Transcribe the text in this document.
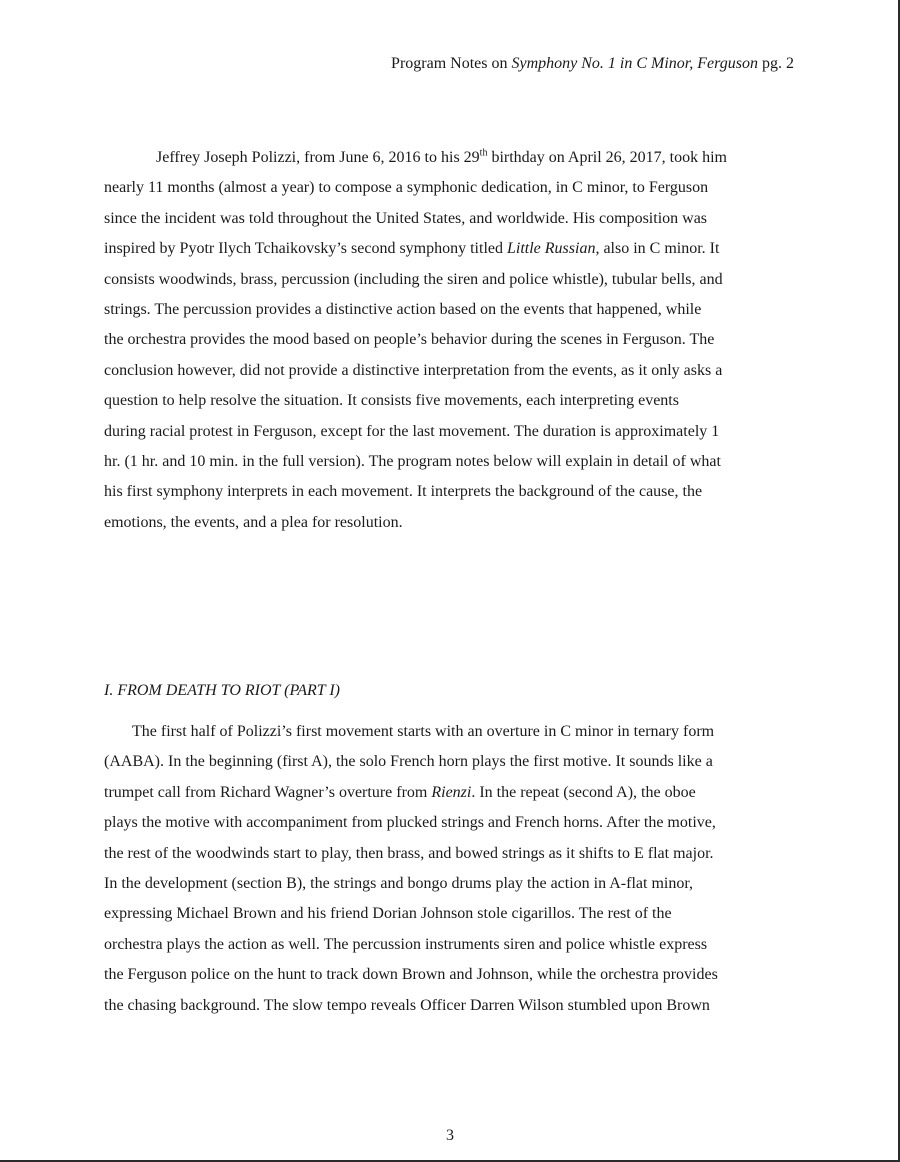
Program Notes on Symphony No. 1 in C Minor, Ferguson pg. 2
Jeffrey Joseph Polizzi, from June 6, 2016 to his 29th birthday on April 26, 2017, took him
nearly 11 months (almost a year) to compose a symphonic dedication, in C minor, to Ferguson
since the incident was told throughout the United States, and worldwide. His composition was
inspired by Pyotr Ilych Tchaikovsky’s second symphony titled Little Russian, also in C minor. It
consists woodwinds, brass, percussion (including the siren and police whistle), tubular bells, and
strings. The percussion provides a distinctive action based on the events that happened, while
the orchestra provides the mood based on people’s behavior during the scenes in Ferguson. The
conclusion however, did not provide a distinctive interpretation from the events, as it only asks a
question to help resolve the situation. It consists five movements, each interpreting events
during racial protest in Ferguson, except for the last movement. The duration is approximately 1
hr. (1 hr. and 10 min. in the full version). The program notes below will explain in detail of what
his first symphony interprets in each movement. It interprets the background of the cause, the
emotions, the events, and a plea for resolution.
I. FROM DEATH TO RIOT (PART I)
The first half of Polizzi’s first movement starts with an overture in C minor in ternary form
(AABA). In the beginning (first A), the solo French horn plays the first motive. It sounds like a
trumpet call from Richard Wagner’s overture from Rienzi. In the repeat (second A), the oboe
plays the motive with accompaniment from plucked strings and French horns. After the motive,
the rest of the woodwinds start to play, then brass, and bowed strings as it shifts to E flat major.
In the development (section B), the strings and bongo drums play the action in A-flat minor,
expressing Michael Brown and his friend Dorian Johnson stole cigarillos. The rest of the
orchestra plays the action as well. The percussion instruments siren and police whistle express
the Ferguson police on the hunt to track down Brown and Johnson, while the orchestra provides
the chasing background. The slow tempo reveals Officer Darren Wilson stumbled upon Brown
3
